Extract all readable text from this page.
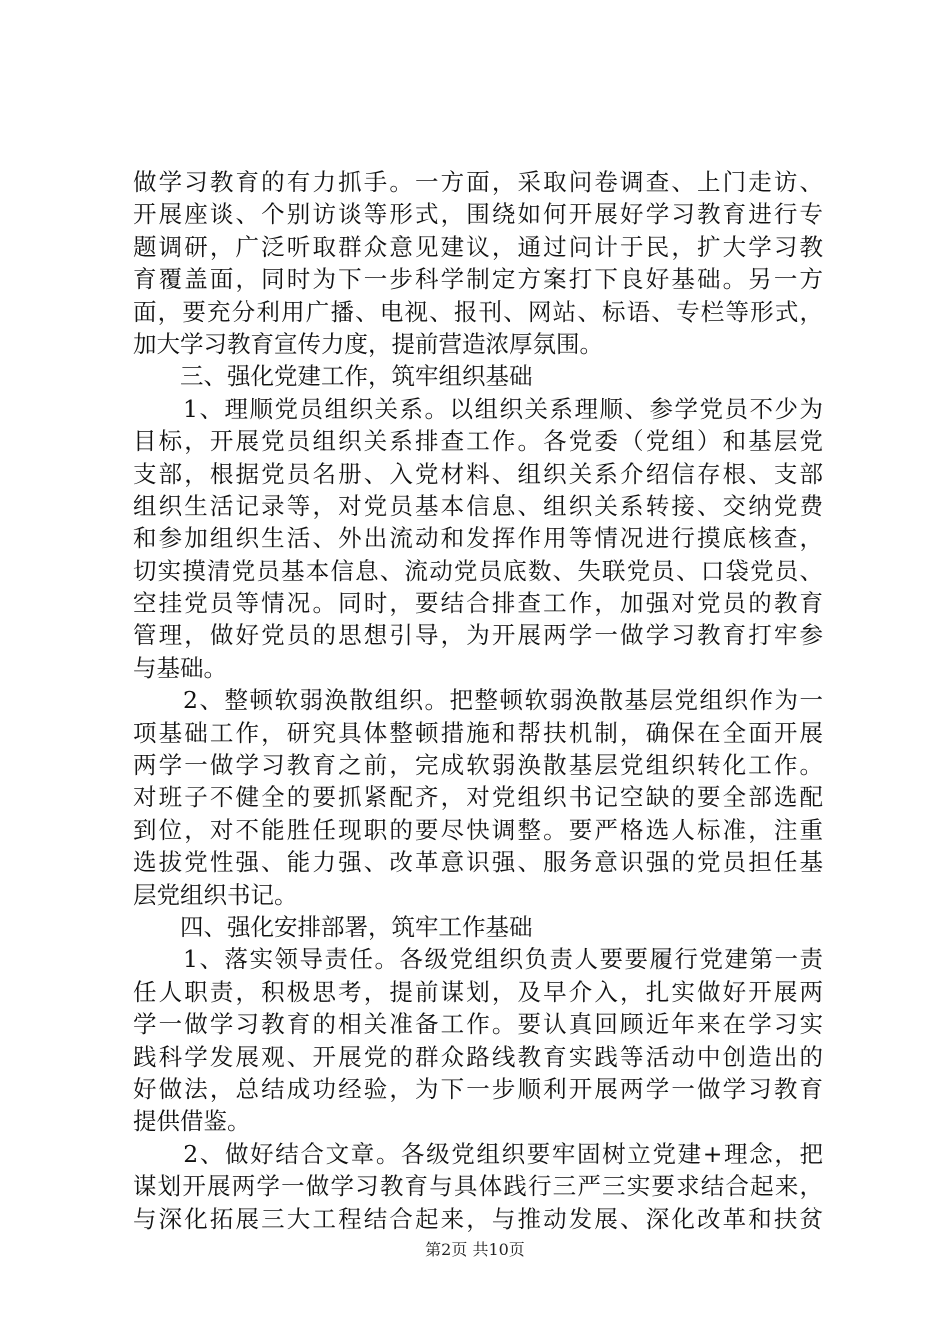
做学习教育的有力抓手。一方面，采取问卷调查、上门走访、
开展座谈、个别访谈等形式，围绕如何开展好学习教育进行专
题调研，广泛听取群众意见建议，通过问计于民，扩大学习教
育覆盖面，同时为下一步科学制定方案打下良好基础。另一方
面，要充分利用广播、电视、报刊、网站、标语、专栏等形式，
加大学习教育宣传力度，提前营造浓厚氛围。
　　三、强化党建工作，筑牢组织基础
　　1、理顺党员组织关系。以组织关系理顺、参学党员不少为
目标，开展党员组织关系排查工作。各党委（党组）和基层党
支部，根据党员名册、入党材料、组织关系介绍信存根、支部
组织生活记录等，对党员基本信息、组织关系转接、交纳党费
和参加组织生活、外出流动和发挥作用等情况进行摸底核查，
切实摸清党员基本信息、流动党员底数、失联党员、口袋党员、
空挂党员等情况。同时，要结合排查工作，加强对党员的教育
管理，做好党员的思想引导，为开展两学一做学习教育打牢参
与基础。
　　2、整顿软弱涣散组织。把整顿软弱涣散基层党组织作为一
项基础工作，研究具体整顿措施和帮扶机制，确保在全面开展
两学一做学习教育之前，完成软弱涣散基层党组织转化工作。
对班子不健全的要抓紧配齐，对党组织书记空缺的要全部选配
到位，对不能胜任现职的要尽快调整。要严格选人标准，注重
选拔党性强、能力强、改革意识强、服务意识强的党员担任基
层党组织书记。
　　四、强化安排部署，筑牢工作基础
　　1、落实领导责任。各级党组织负责人要要履行党建第一责
任人职责，积极思考，提前谋划，及早介入，扎实做好开展两
学一做学习教育的相关准备工作。要认真回顾近年来在学习实
践科学发展观、开展党的群众路线教育实践等活动中创造出的
好做法，总结成功经验，为下一步顺利开展两学一做学习教育
提供借鉴。
　　2、做好结合文章。各级党组织要牢固树立党建+理念，把
谋划开展两学一做学习教育与具体践行三严三实要求结合起来，
与深化拓展三大工程结合起来，与推动发展、深化改革和扶贫
第2页 共10页
